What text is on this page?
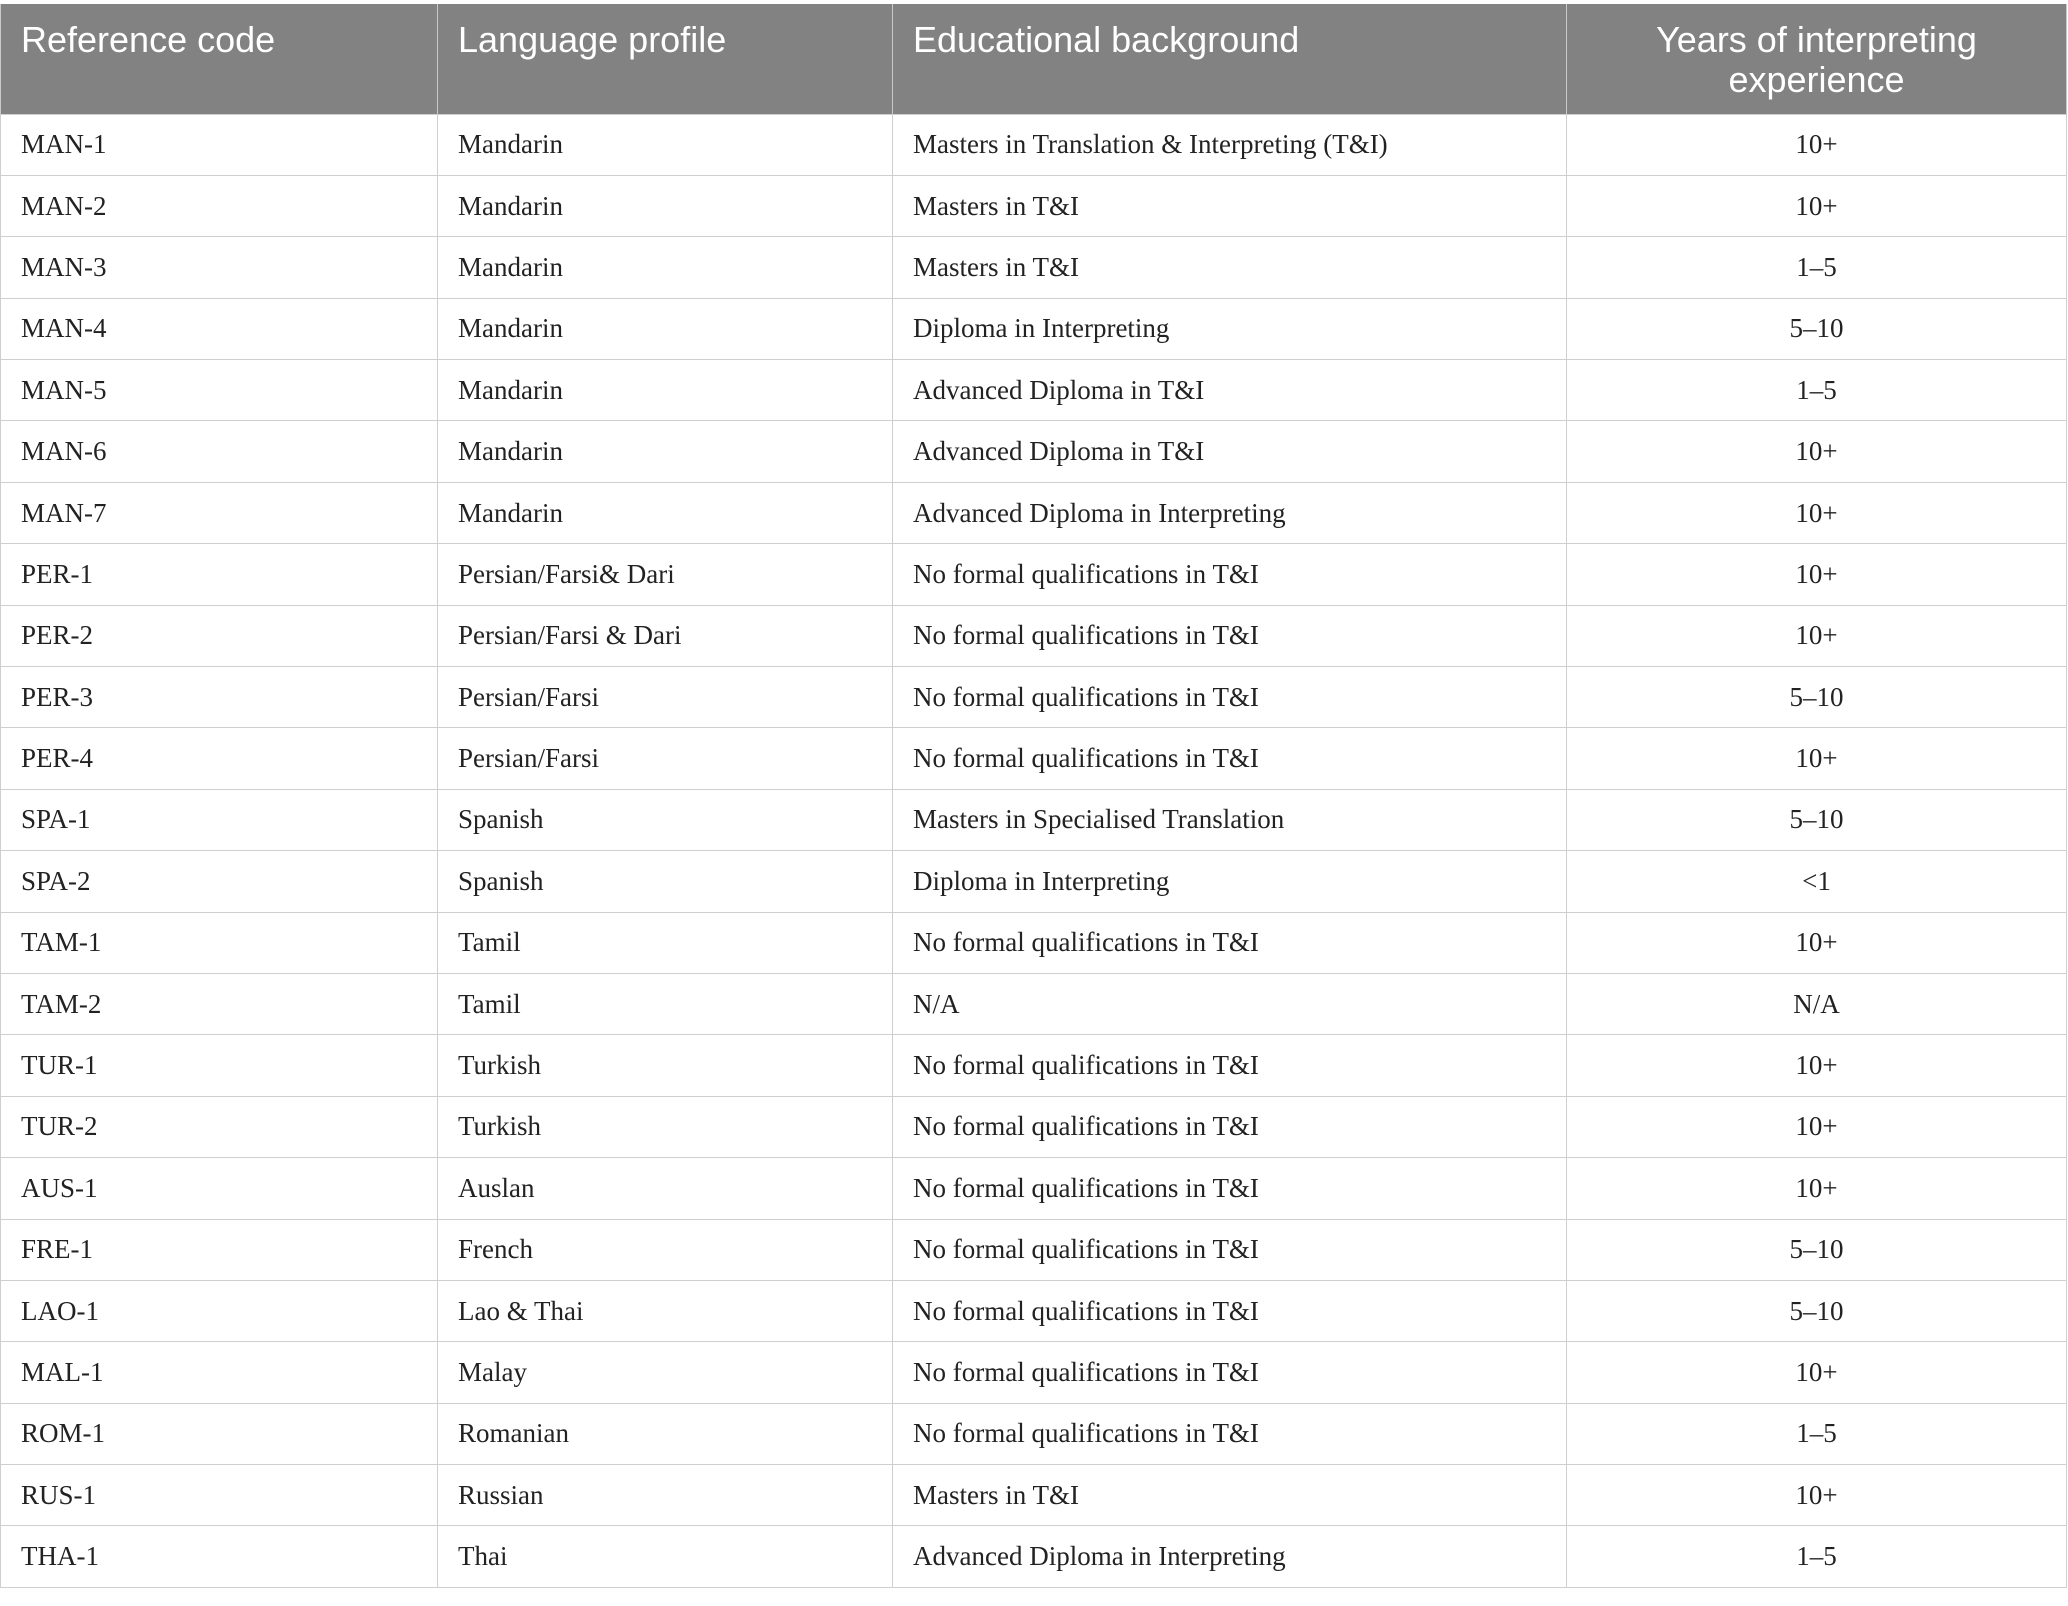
Reference code	Language profile	Educational background	Years of interpreting experience
MAN-1	Mandarin	Masters in Translation & Interpreting (T&I)	10+
MAN-2	Mandarin	Masters in T&I	10+
MAN-3	Mandarin	Masters in T&I	1–5
MAN-4	Mandarin	Diploma in Interpreting	5–10
MAN-5	Mandarin	Advanced Diploma in T&I	1–5
MAN-6	Mandarin	Advanced Diploma in T&I	10+
MAN-7	Mandarin	Advanced Diploma in Interpreting	10+
PER-1	Persian/Farsi& Dari	No formal qualifications in T&I	10+
PER-2	Persian/Farsi & Dari	No formal qualifications in T&I	10+
PER-3	Persian/Farsi	No formal qualifications in T&I	5–10
PER-4	Persian/Farsi	No formal qualifications in T&I	10+
SPA-1	Spanish	Masters in Specialised Translation	5–10
SPA-2	Spanish	Diploma in Interpreting	<1
TAM-1	Tamil	No formal qualifications in T&I	10+
TAM-2	Tamil	N/A	N/A
TUR-1	Turkish	No formal qualifications in T&I	10+
TUR-2	Turkish	No formal qualifications in T&I	10+
AUS-1	Auslan	No formal qualifications in T&I	10+
FRE-1	French	No formal qualifications in T&I	5–10
LAO-1	Lao & Thai	No formal qualifications in T&I	5–10
MAL-1	Malay	No formal qualifications in T&I	10+
ROM-1	Romanian	No formal qualifications in T&I	1–5
RUS-1	Russian	Masters in T&I	10+
THA-1	Thai	Advanced Diploma in Interpreting	1–5
